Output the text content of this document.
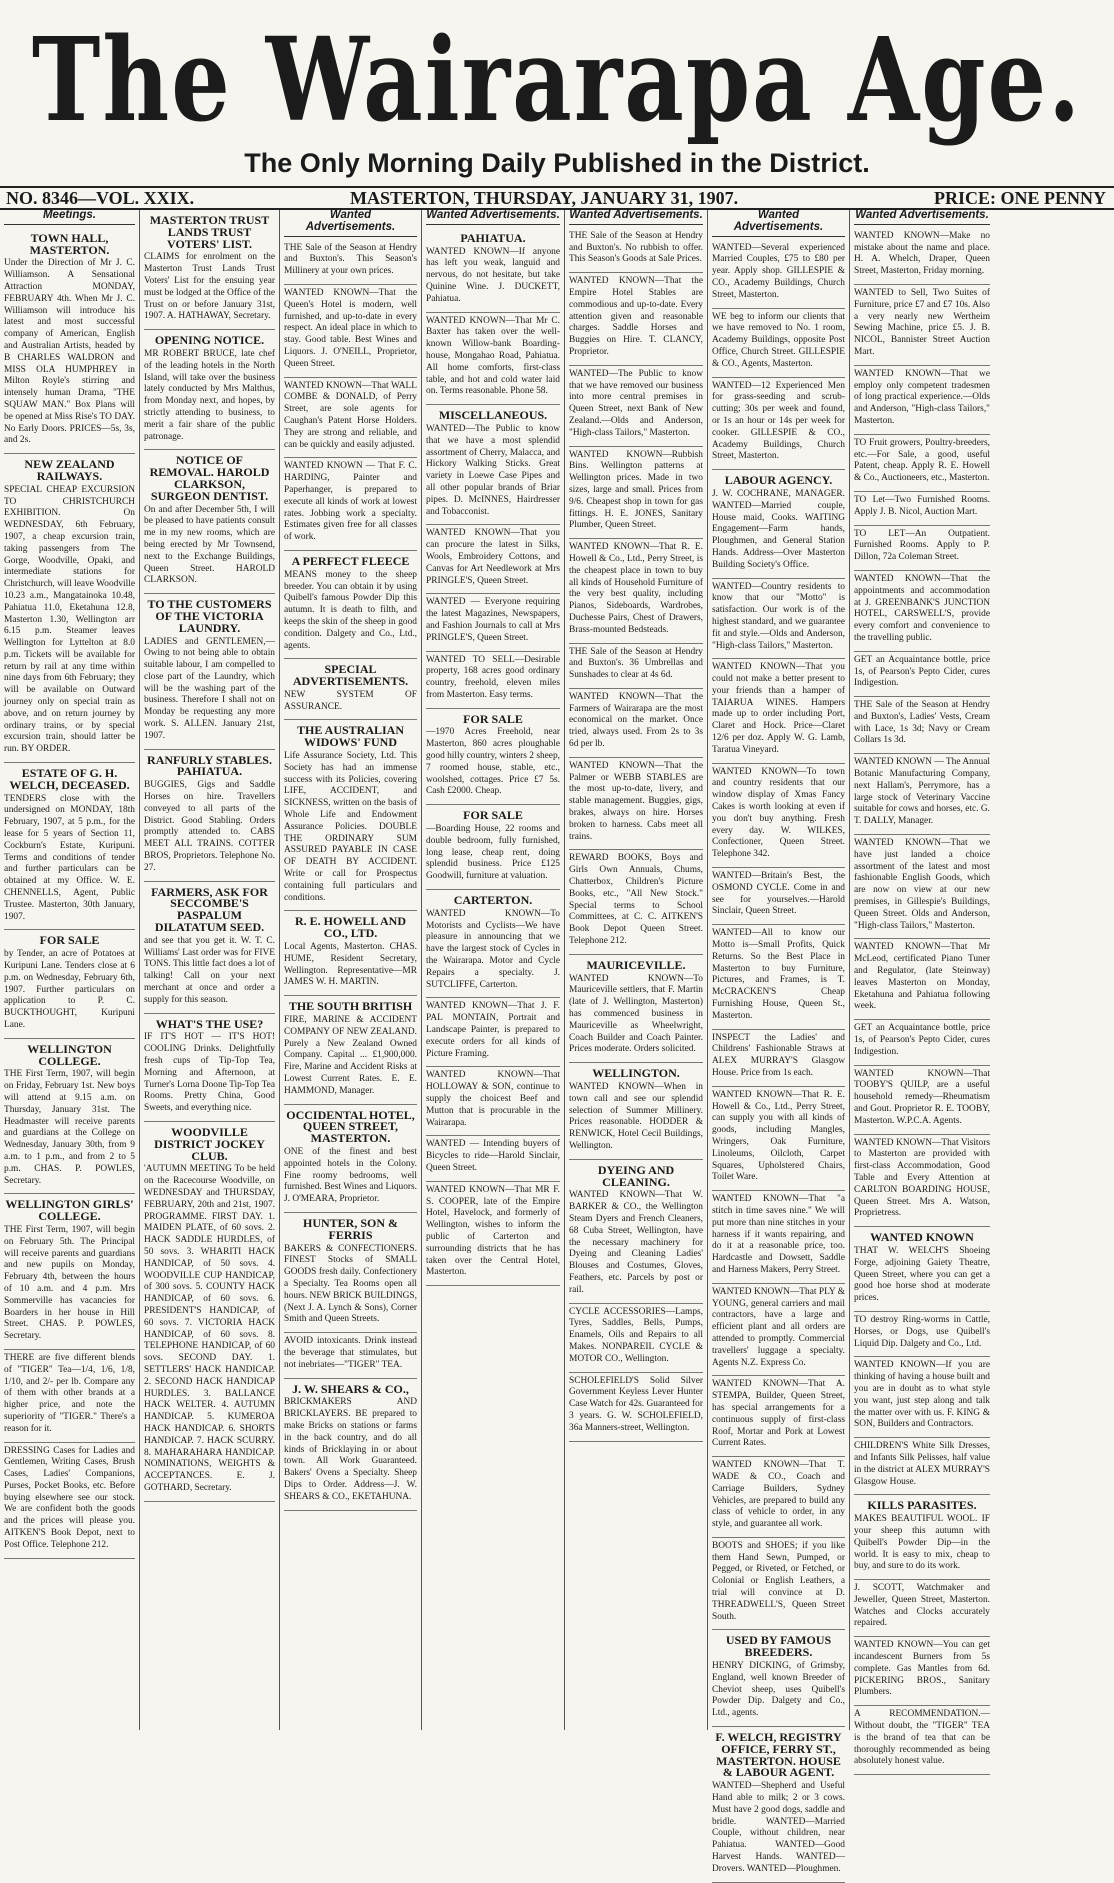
The Wairarapa Age.
The Only Morning Daily Published in the District.
NO. 8346—VOL. XXIX.	MASTERTON, THURSDAY, JANUARY 31, 1907.	PRICE: ONE PENNY
Meetings.
TOWN HALL, MASTERTON.

Under the Direction of Mr J. C. Williamson. A Sensational Attraction MONDAY, FEBRUARY 4th. When Mr J. C. Williamson will introduce his latest and most successful company of American, English and Australian Artists, headed by B CHARLES WALDRON and MISS OLA HUMPHREY in Milton Royle's stirring and intensely human Drama, "THE SQUAW MAN." Box Plans will be opened at Miss Rise's TO DAY. No Early Doors. PRICES—5s, 3s, and 2s.

NEW ZEALAND RAILWAYS.

SPECIAL CHEAP EXCURSION TO CHRISTCHURCH EXHIBITION. On WEDNESDAY, 6th February, 1907, a cheap excursion train, taking passengers from The Gorge, Woodville, Opaki, and intermediate stations for Christchurch, will leave Woodville 10.23 a.m., Mangatainoka 10.48, Pahiatua 11.0, Eketahuna 12.8, Masterton 1.30, Wellington arr 6.15 p.m. Steamer leaves Wellington for Lyttelton at 8.0 p.m. Tickets will be available for return by rail at any time within nine days from 6th February; they will be available on Outward journey only on special train as above, and on return journey by ordinary trains, or by special excursion train, should latter be run. BY ORDER.

ESTATE OF G. H. WELCH, DECEASED.

TENDERS close with the undersigned on MONDAY, 18th February, 1907, at 5 p.m., for the lease for 5 years of Section 11, Cockburn's Estate, Kuripuni. Terms and conditions of tender and further particulars can be obtained at my Office. W. E. CHENNELLS, Agent, Public Trustee. Masterton, 30th January, 1907.

FOR SALE

by Tender, an acre of Potatoes at Kuripuni Lane. Tenders close at 6 p.m. on Wednesday, February 6th, 1907. Further particulars on application to P. C. BUCKTHOUGHT, Kuripuni Lane.

WELLINGTON COLLEGE.

THE First Term, 1907, will begin on Friday, February 1st. New boys will attend at 9.15 a.m. on Thursday, January 31st. The Headmaster will receive parents and guardians at the College on Wednesday, January 30th, from 9 a.m. to 1 p.m., and from 2 to 5 p.m. CHAS. P. POWLES, Secretary.

WELLINGTON GIRLS' COLLEGE.

THE First Term, 1907, will begin on February 5th. The Principal will receive parents and guardians and new pupils on Monday, February 4th, between the hours of 10 a.m. and 4 p.m. Mrs Sommerville has vacancies for Boarders in her house in Hill Street. CHAS. P. POWLES, Secretary.

THERE are five different blends of "TIGER" Tea—1/4, 1/6, 1/8, 1/10, and 2/- per lb. Compare any of them with other brands at a higher price, and note the superiority of "TIGER." There's a reason for it.

DRESSING Cases for Ladies and Gentlemen, Writing Cases, Brush Cases, Ladies' Companions, Purses, Pocket Books, etc. Before buying elsewhere see our stock. We are confident both the goods and the prices will please you. AITKEN'S Book Depot, next to Post Office. Telephone 212.

MASTERTON TRUST LANDS TRUST VOTERS' LIST.

CLAIMS for enrolment on the Masterton Trust Lands Trust Voters' List for the ensuing year must be lodged at the Office of the Trust on or before January 31st, 1907. A. HATHAWAY, Secretary.

OPENING NOTICE.

MR ROBERT BRUCE, late chef of the leading hotels in the North Island, will take over the business lately conducted by Mrs Malthus, from Monday next, and hopes, by strictly attending to business, to merit a fair share of the public patronage.

NOTICE OF REMOVAL. HAROLD CLARKSON, SURGEON DENTIST.

On and after December 5th, I will be pleased to have patients consult me in my new rooms, which are being erected by Mr Townsend, next to the Exchange Buildings, Queen Street. HAROLD CLARKSON.

TO THE CUSTOMERS OF THE VICTORIA LAUNDRY.

LADIES and GENTLEMEN,—Owing to not being able to obtain suitable labour, I am compelled to close part of the Laundry, which will be the washing part of the business. Therefore I shall not on Monday be requesting any more work. S. ALLEN. January 21st, 1907.

RANFURLY STABLES. PAHIATUA.

BUGGIES, Gigs and Saddle Horses on hire. Travellers conveyed to all parts of the District. Good Stabling. Orders promptly attended to. CABS MEET ALL TRAINS. COTTER BROS, Proprietors. Telephone No. 27.

FARMERS, ASK FOR SECCOMBE'S PASPALUM DILATATUM SEED.

and see that you get it. W. T. C. Williams' Last order was for FIVE TONS. This little fact does a lot of talking! Call on your next merchant at once and order a supply for this season.

WHAT'S THE USE?

IF IT'S HOT — IT'S HOT! COOLING Drinks. Delightfully fresh cups of Tip-Top Tea, Morning and Afternoon, at Turner's Lorna Doone Tip-Top Tea Rooms. Pretty China, Good Sweets, and everything nice.

WOODVILLE DISTRICT JOCKEY CLUB.

'AUTUMN MEETING To be held on the Racecourse Woodville, on WEDNESDAY and THURSDAY, FEBRUARY, 20th and 21st, 1907. PROGRAMME. FIRST DAY. 1. MAIDEN PLATE, of 60 sovs. 2. HACK SADDLE HURDLES, of 50 sovs. 3. WHARITI HACK HANDICAP, of 50 sovs. 4. WOODVILLE CUP HANDICAP, of 300 sovs. 5. COUNTY HACK HANDICAP, of 60 sovs. 6. PRESIDENT'S HANDICAP, of 60 sovs. 7. VICTORIA HACK HANDICAP, of 60 sovs. 8. TELEPHONE HANDICAP, of 60 sovs. SECOND DAY. 1. SETTLERS' HACK HANDICAP. 2. SECOND HACK HANDICAP HURDLES. 3. BALLANCE HACK WELTER. 4. AUTUMN HANDICAP. 5. KUMEROA HACK HANDICAP. 6. SHORTS HANDICAP. 7. HACK SCURRY. 8. MAHARAHARA HANDICAP. NOMINATIONS, WEIGHTS & ACCEPTANCES. E. J. GOTHARD, Secretary.

Wanted Advertisements.

THE Sale of the Season at Hendry and Buxton's. This Season's Millinery at your own prices.

WANTED KNOWN—That the Queen's Hotel is modern, well furnished, and up-to-date in every respect. An ideal place in which to stay. Good table. Best Wines and Liquors. J. O'NEILL, Proprietor, Queen Street.

WANTED KNOWN—That WALL COMBE & DONALD, of Perry Street, are sole agents for Caughan's Patent Horse Holders. They are strong and reliable, and can be quickly and easily adjusted.

WANTED KNOWN — That F. C. HARDING, Painter and Paperhanger, is prepared to execute all kinds of work at lowest rates. Jobbing work a specialty. Estimates given free for all classes of work.

A PERFECT FLEECE

MEANS money to the sheep breeder. You can obtain it by using Quibell's famous Powder Dip this autumn. It is death to filth, and keeps the skin of the sheep in good condition. Dalgety and Co., Ltd., agents.

SPECIAL ADVERTISEMENTS.

NEW SYSTEM OF ASSURANCE.

THE AUSTRALIAN WIDOWS' FUND

Life Assurance Society, Ltd. This Society has had an immense success with its Policies, covering LIFE, ACCIDENT, and SICKNESS, written on the basis of Whole Life and Endowment Assurance Policies. DOUBLE THE ORDINARY SUM ASSURED PAYABLE IN CASE OF DEATH BY ACCIDENT. Write or call for Prospectus containing full particulars and conditions.

R. E. HOWELL AND CO., LTD.

Local Agents, Masterton. CHAS. HUME, Resident Secretary, Wellington. Representative—MR JAMES W. H. MARTIN.

THE SOUTH BRITISH

FIRE, MARINE & ACCIDENT COMPANY OF NEW ZEALAND. Purely a New Zealand Owned Company. Capital ... £1,900,000. Fire, Marine and Accident Risks at Lowest Current Rates. E. E. HAMMOND, Manager.

OCCIDENTAL HOTEL, QUEEN STREET, MASTERTON.

ONE of the finest and best appointed hotels in the Colony. Fine roomy bedrooms, well furnished. Best Wines and Liquors. J. O'MEARA, Proprietor.

HUNTER, SON & FERRIS

BAKERS & CONFECTIONERS. FINEST Stocks of SMALL GOODS fresh daily. Confectionery a Specialty. Tea Rooms open all hours. NEW BRICK BUILDINGS, (Next J. A. Lynch & Sons), Corner Smith and Queen Streets.

AVOID intoxicants. Drink instead the beverage that stimulates, but not inebriates—"TIGER" TEA.

J. W. SHEARS & CO.,

BRICKMAKERS AND BRICKLAYERS. BE prepared to make Bricks on stations or farms in the back country, and do all kinds of Bricklaying in or about town. All Work Guaranteed. Bakers' Ovens a Specialty. Sheep Dips to Order. Address—J. W. SHEARS & CO., EKETAHUNA.

Wanted Advertisements.
PAHIATUA.

WANTED KNOWN—If anyone has left you weak, languid and nervous, do not hesitate, but take Quinine Wine. J. DUCKETT, Pahiatua.

WANTED KNOWN—That Mr C. Baxter has taken over the well-known Willow-bank Boarding-house, Mongahao Road, Pahiatua. All home comforts, first-class table, and hot and cold water laid on. Terms reasonable. Phone 58.

MISCELLANEOUS.

WANTED—The Public to know that we have a most splendid assortment of Cherry, Malacca, and Hickory Walking Sticks. Great variety in Loewe Case Pipes and all other popular brands of Briar pipes. D. McINNES, Hairdresser and Tobacconist.

WANTED KNOWN—That you can procure the latest in Silks, Wools, Embroidery Cottons, and Canvas for Art Needlework at Mrs PRINGLE'S, Queen Street.

WANTED — Everyone requiring the latest Magazines, Newspapers, and Fashion Journals to call at Mrs PRINGLE'S, Queen Street.

WANTED TO SELL—Desirable property, 168 acres good ordinary country, freehold, eleven miles from Masterton. Easy terms.

FOR SALE

—1970 Acres Freehold, near Masterton, 860 acres ploughable good hilly country, winters 2 sheep, 7 roomed house, stable, etc., woolshed, cottages. Price £7 5s. Cash £2000. Cheap.

FOR SALE

—Boarding House, 22 rooms and double bedroom, fully furnished, long lease, cheap rent, doing splendid business. Price £125 Goodwill, furniture at valuation.

CARTERTON.

WANTED KNOWN—To Motorists and Cyclists—We have pleasure in announcing that we have the largest stock of Cycles in the Wairarapa. Motor and Cycle Repairs a specialty. J. SUTCLIFFE, Carterton.

WANTED KNOWN—That J. F. PAL MONTAIN, Portrait and Landscape Painter, is prepared to execute orders for all kinds of Picture Framing.

WANTED KNOWN—That HOLLOWAY & SON, continue to supply the choicest Beef and Mutton that is procurable in the Wairarapa.

WANTED — Intending buyers of Bicycles to ride—Harold Sinclair, Queen Street.

WANTED KNOWN—That MR F. S. COOPER, late of the Empire Hotel, Havelock, and formerly of Wellington, wishes to inform the public of Carterton and surrounding districts that he has taken over the Central Hotel, Masterton.

Wanted Advertisements.

THE Sale of the Season at Hendry and Buxton's. No rubbish to offer. This Season's Goods at Sale Prices.

WANTED KNOWN—That the Empire Hotel Stables are commodious and up-to-date. Every attention given and reasonable charges. Saddle Horses and Buggies on Hire. T. CLANCY, Proprietor.

WANTED—The Public to know that we have removed our business into more central premises in Queen Street, next Bank of New Zealand.—Olds and Anderson, "High-class Tailors," Masterton.

WANTED KNOWN—Rubbish Bins. Wellington patterns at Wellington prices. Made in two sizes, large and small. Prices from 9/6. Cheapest shop in town for gas fittings. H. E. JONES, Sanitary Plumber, Queen Street.

WANTED KNOWN—That R. E. Howell & Co., Ltd., Perry Street, is the cheapest place in town to buy all kinds of Household Furniture of the very best quality, including Pianos, Sideboards, Wardrobes, Duchesse Pairs, Chest of Drawers, Brass-mounted Bedsteads.

THE Sale of the Season at Hendry and Buxton's. 36 Umbrellas and Sunshades to clear at 4s 6d.

WANTED KNOWN—That the Farmers of Wairarapa are the most economical on the market. Once tried, always used. From 2s to 3s 6d per lb.

WANTED KNOWN—That the Palmer or WEBB STABLES are the most up-to-date, livery, and stable management. Buggies, gigs, brakes, always on hire. Horses broken to harness. Cabs meet all trains.

REWARD BOOKS, Boys and Girls Own Annuals, Chums, Chatterbox, Children's Picture Books, etc., "All New Stock." Special terms to School Committees, at C. C. AITKEN'S Book Depot Queen Street. Telephone 212.

MAURICEVILLE.

WANTED KNOWN—To Mauriceville settlers, that F. Martin (late of J. Wellington, Masterton) has commenced business in Mauriceville as Wheelwright, Coach Builder and Coach Painter. Prices moderate. Orders solicited.

WELLINGTON.

WANTED KNOWN—When in town call and see our splendid selection of Summer Millinery. Prices reasonable. HODDER & RENWICK, Hotel Cecil Buildings, Wellington.

DYEING AND CLEANING.

WANTED KNOWN—That W. BARKER & CO., the Wellington Steam Dyers and French Cleaners, 68 Cuba Street, Wellington, have the necessary machinery for Dyeing and Cleaning Ladies' Blouses and Costumes, Gloves, Feathers, etc. Parcels by post or rail.

CYCLE ACCESSORIES—Lamps, Tyres, Saddles, Bells, Pumps, Enamels, Oils and Repairs to all Makes. NONPAREIL CYCLE & MOTOR CO., Wellington.

SCHOLEFIELD'S Solid Silver Government Keyless Lever Hunter Case Watch for 42s. Guaranteed for 3 years. G. W. SCHOLEFIELD, 36a Manners-street, Wellington.

Wanted Advertisements.

WANTED—Several experienced Married Couples, £75 to £80 per year. Apply shop. GILLESPIE & CO., Academy Buildings, Church Street, Masterton.

WE beg to inform our clients that we have removed to No. 1 room, Academy Buildings, opposite Post Office, Church Street. GILLESPIE & CO., Agents, Masterton.

WANTED—12 Experienced Men for grass-seeding and scrub-cutting; 30s per week and found, or 1s an hour or 14s per week for cooker. GILLESPIE & CO., Academy Buildings, Church Street, Masterton.

LABOUR AGENCY.

J. W. COCHRANE, MANAGER. WANTED—Married couple, House maid, Cooks. WAITING Engagement—Farm hands, Ploughmen, and General Station Hands. Address—Over Masterton Building Society's Office.

WANTED—Country residents to know that our "Motto" is satisfaction. Our work is of the highest standard, and we guarantee fit and style.—Olds and Anderson, "High-class Tailors," Masterton.

WANTED KNOWN—That you could not make a better present to your friends than a hamper of TAIARUA WINES. Hampers made up to order including Port, Claret and Hock. Price—Claret 12/6 per doz. Apply W. G. Lamb, Taratua Vineyard.

WANTED KNOWN—To town and country residents that our window display of Xmas Fancy Cakes is worth looking at even if you don't buy anything. Fresh every day. W. WILKES, Confectioner, Queen Street. Telephone 342.

WANTED—Britain's Best, the OSMOND CYCLE. Come in and see for yourselves.—Harold Sinclair, Queen Street.

WANTED—All to know our Motto is—Small Profits, Quick Returns. So the Best Place in Masterton to buy Furniture, Pictures, and Frames, is T. McCRACKEN'S Cheap Furnishing House, Queen St., Masterton.

INSPECT the Ladies' and Childrens' Fashionable Straws at ALEX MURRAY'S Glasgow House. Price from 1s each.

WANTED KNOWN—That R. E. Howell & Co., Ltd., Perry Street, can supply you with all kinds of goods, including Mangles, Wringers, Oak Furniture, Linoleums, Oilcloth, Carpet Squares, Upholstered Chairs, Toilet Ware.

WANTED KNOWN—That "a stitch in time saves nine." We will put more than nine stitches in your harness if it wants repairing, and do it at a reasonable price, too. Hardcastle and Dowsett, Saddle and Harness Makers, Perry Street.

WANTED KNOWN—That PLY & YOUNG, general carriers and mail contractors, have a large and efficient plant and all orders are attended to promptly. Commercial travellers' luggage a specialty. Agents N.Z. Express Co.

WANTED KNOWN—That A. STEMPA, Builder, Queen Street, has special arrangements for a continuous supply of first-class Roof, Mortar and Pork at Lowest Current Rates.

WANTED KNOWN—That T. WADE & CO., Coach and Carriage Builders, Sydney Vehicles, are prepared to build any class of vehicle to order, in any style, and guarantee all work.

BOOTS and SHOES; if you like them Hand Sewn, Pumped, or Pegged, or Riveted, or Fetched, or Colonial or English Leathers, a trial will convince at D. THREADWELL'S, Queen Street South.

USED BY FAMOUS BREEDERS.

HENRY DICKING, of Grimsby, England, well known Breeder of Cheviot sheep, uses Quibell's Powder Dip. Dalgety and Co., Ltd., agents.

F. WELCH, REGISTRY OFFICE, FERRY ST., MASTERTON. HOUSE & LABOUR AGENT.

WANTED—Shepherd and Useful Hand able to milk; 2 or 3 cows. Must have 2 good dogs, saddle and bridle. WANTED—Married Couple, without children, near Pahiatua. WANTED—Good Harvest Hands. WANTED—Drovers. WANTED—Ploughmen.

Wanted Advertisements.

WANTED KNOWN—Make no mistake about the name and place. H. A. Whelch, Draper, Queen Street, Masterton, Friday morning.

WANTED to Sell, Two Suites of Furniture, price £7 and £7 10s. Also a very nearly new Wertheim Sewing Machine, price £5. J. B. NICOL, Bannister Street Auction Mart.

WANTED KNOWN—That we employ only competent tradesmen of long practical experience.—Olds and Anderson, "High-class Tailors," Masterton.

TO Fruit growers, Poultry-breeders, etc.—For Sale, a good, useful Patent, cheap. Apply R. E. Howell & Co., Auctioneers, etc., Masterton.

TO Let—Two Furnished Rooms. Apply J. B. Nicol, Auction Mart.

TO LET—An Outpatient. Furnished Rooms. Apply to P. Dillon, 72a Coleman Street.

WANTED KNOWN—That the appointments and accommodation at J. GREENBANK'S JUNCTION HOTEL, CARSWELL'S, provide every comfort and convenience to the travelling public.

GET an Acquaintance bottle, price 1s, of Pearson's Pepto Cider, cures Indigestion.

THE Sale of the Season at Hendry and Buxton's, Ladies' Vests, Cream with Lace, 1s 3d; Navy or Cream Collars 1s 3d.

WANTED KNOWN — The Annual Botanic Manufacturing Company, next Hallam's, Perrymore, has a large stock of Veterinary Vaccine suitable for cows and horses, etc. G. T. DALLY, Manager.

WANTED KNOWN—That we have just landed a choice assortment of the latest and most fashionable English Goods, which are now on view at our new premises, in Gillespie's Buildings, Queen Street. Olds and Anderson, "High-class Tailors," Masterton.

WANTED KNOWN—That Mr McLeod, certificated Piano Tuner and Regulator, (late Steinway) leaves Masterton on Monday, Eketahuna and Pahiatua following week.

GET an Acquaintance bottle, price 1s, of Pearson's Pepto Cider, cures Indigestion.

WANTED KNOWN—That TOOBY'S QUILP, are a useful household remedy—Rheumatism and Gout. Proprietor R. E. TOOBY, Masterton. W.P.C.A. Agents.

WANTED KNOWN—That Visitors to Masterton are provided with first-class Accommodation, Good Table and Every Attention at CARLTON BOARDING HOUSE, Queen Street. Mrs A. Watson, Proprietress.

WANTED KNOWN

THAT W. WELCH'S Shoeing Forge, adjoining Gaiety Theatre, Queen Street, where you can get a good hoe horse shod at moderate prices.

TO destroy Ring-worms in Cattle, Horses, or Dogs, use Quibell's Liquid Dip. Dalgety and Co., Ltd.

WANTED KNOWN—If you are thinking of having a house built and you are in doubt as to what style you want, just step along and talk the matter over with us. F. KING & SON, Builders and Contractors.

CHILDREN'S White Silk Dresses, and Infants Silk Pelisses, half value in the district at ALEX MURRAY'S Glasgow House.

KILLS PARASITES.

MAKES BEAUTIFUL WOOL. IF your sheep this autumn with Quibell's Powder Dip—in the world. It is easy to mix, cheap to buy, and sure to do its work.

J. SCOTT, Watchmaker and Jeweller, Queen Street, Masterton. Watches and Clocks accurately repaired.

WANTED KNOWN—You can get incandescent Burners from 5s complete. Gas Mantles from 6d. PICKERING BROS., Sanitary Plumbers.

A RECOMMENDATION.—Without doubt, the "TIGER" TEA is the brand of tea that can be thoroughly recommended as being absolutely honest value.
